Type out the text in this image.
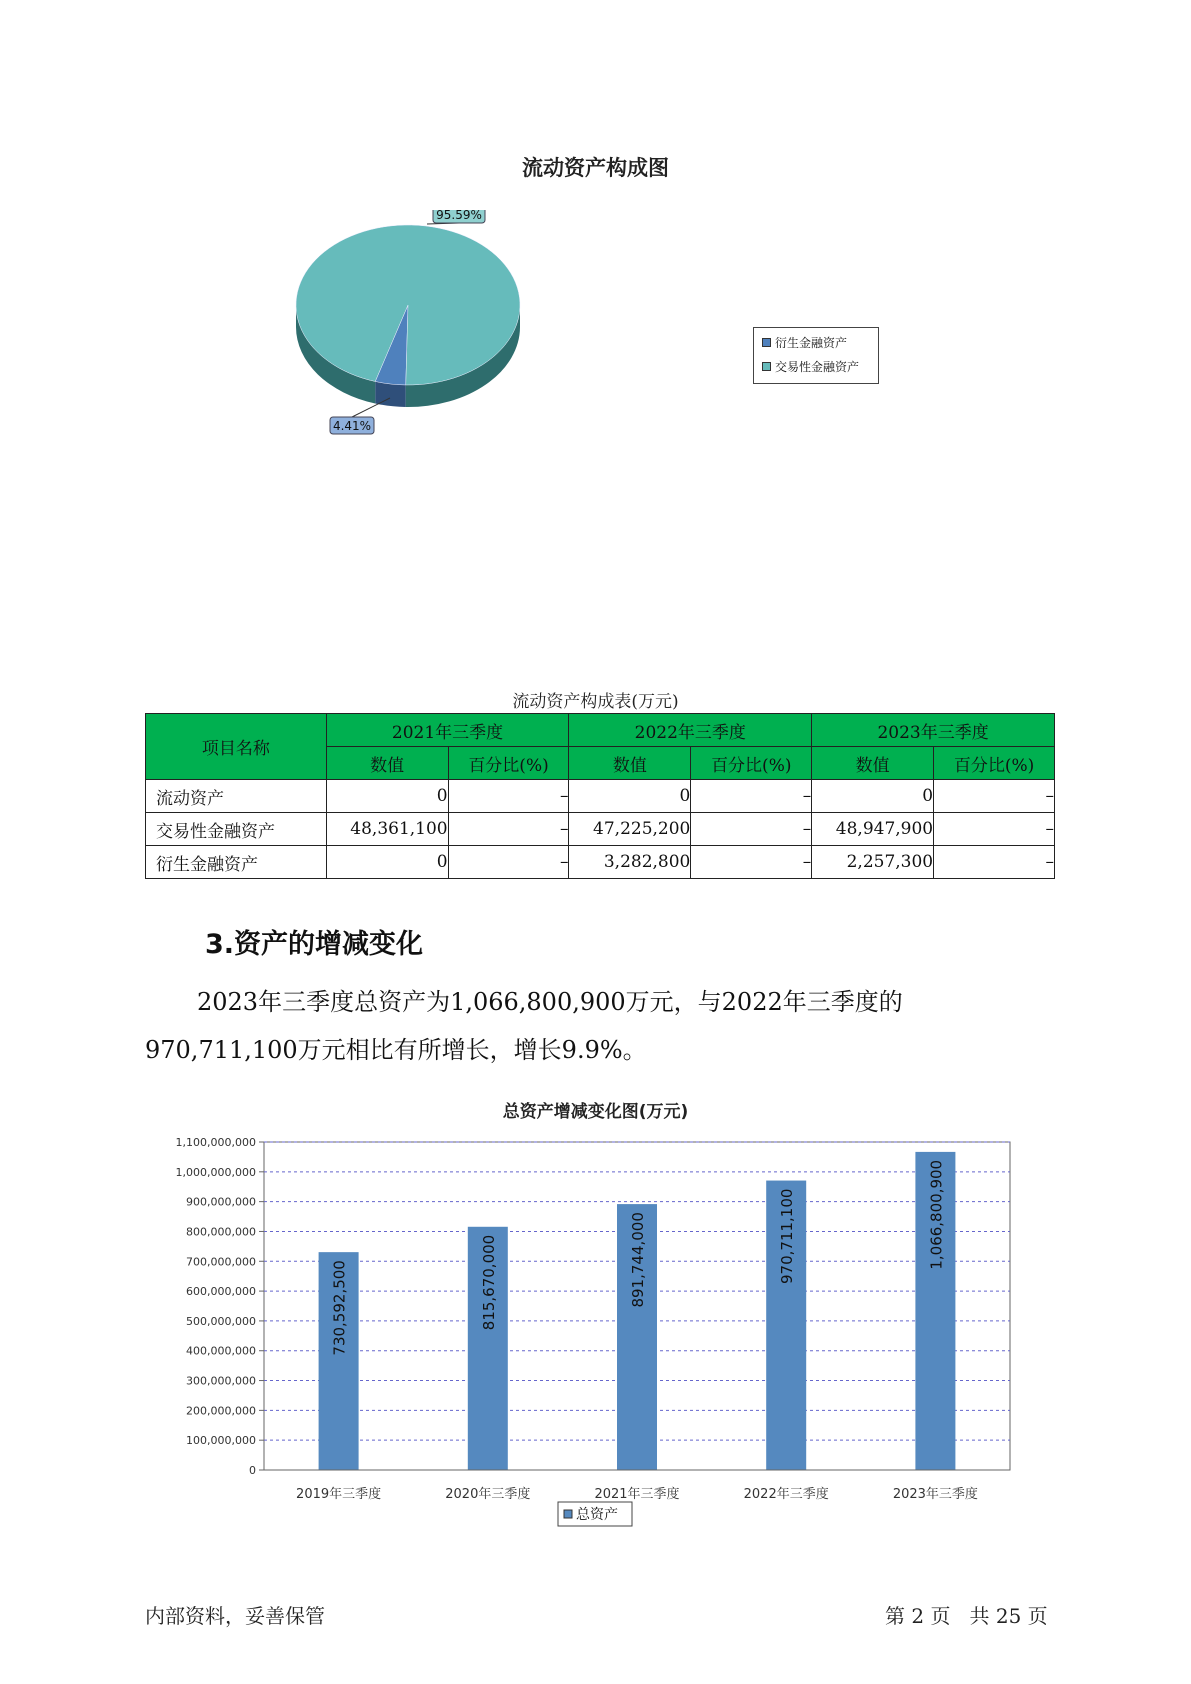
流动资产构成图
4.41%
95.59%
衍生金融资产
交易性金融资产
流动资产构成表(万元)
项目名称	2021年三季度		2022年三季度		2023年三季度	
	数值	百分比(%)	数值	百分比(%)	数值	百分比(%)
流动资产	0	–	0	–	0	–
交易性金融资产	48,361,100	–	47,225,200	–	48,947,900	–
衍生金融资产	0	–	3,282,800	–	2,257,300	–
3.资产的增减变化
2023年三季度总资产为1,066,800,900万元，与2022年三季度的970,711,100万元相比有所增长，增长9.9%。
总资产增减变化图(万元)
0
100,000,000
200,000,000
300,000,000
400,000,000
500,000,000
600,000,000
700,000,000
800,000,000
900,000,000
1,000,000,000
1,100,000,000
730,592,500
2019年三季度
815,670,000
2020年三季度
891,744,000
2021年三季度
970,711,100
2022年三季度
1,066,800,900
2023年三季度
总资产
内部资料，妥善保管	第 2 页   共 25 页
